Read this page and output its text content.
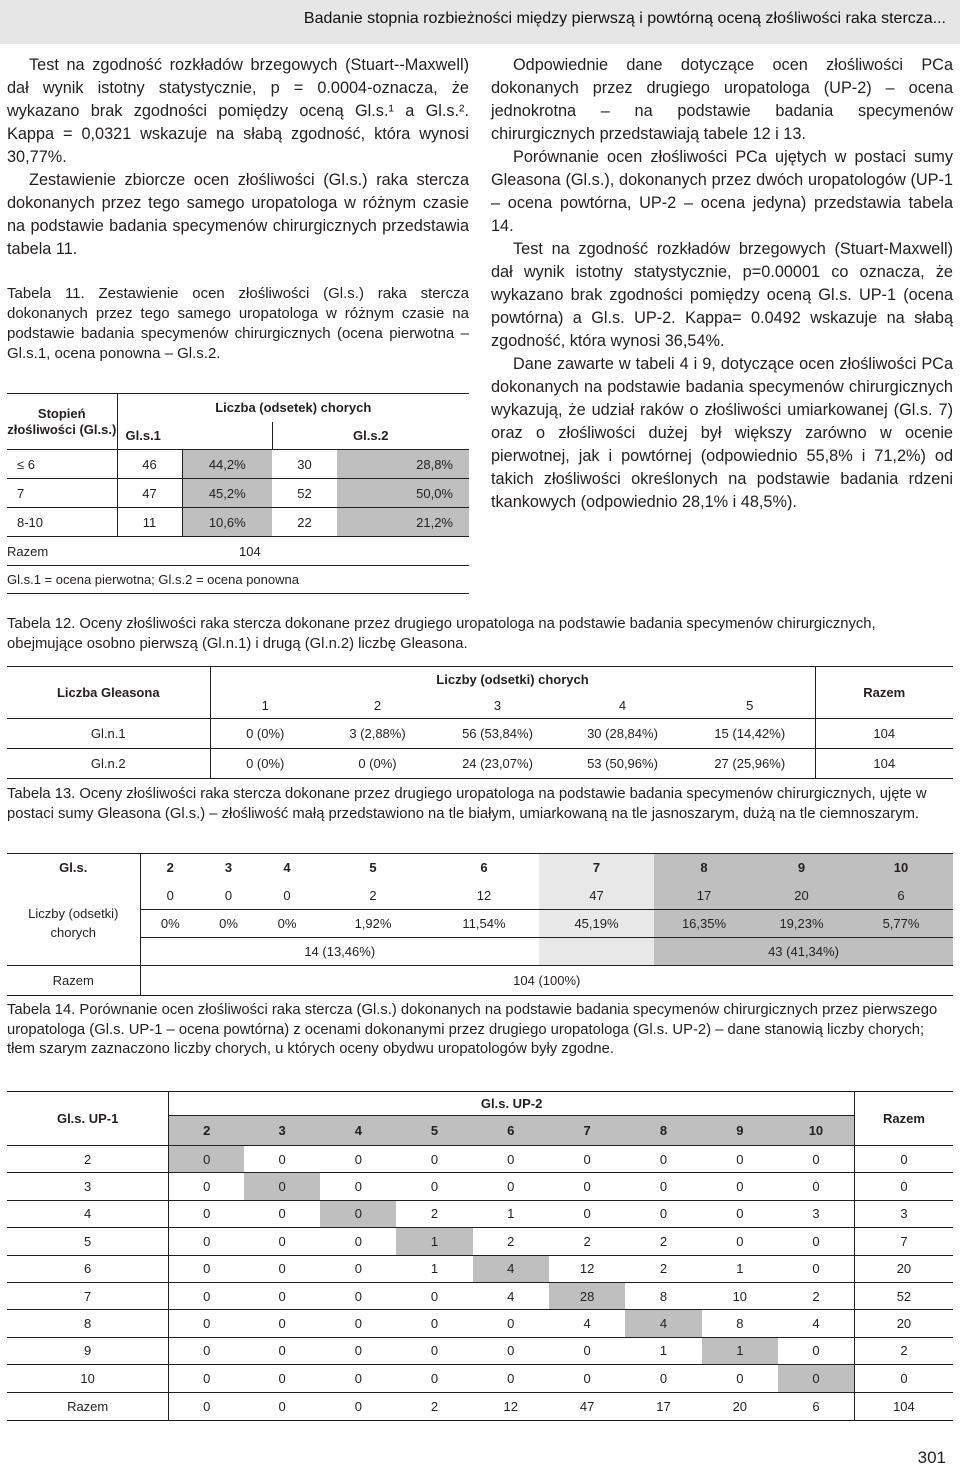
Badanie stopnia rozbieżności między pierwszą i powtórną oceną złośliwości raka stercza...

Test na zgodność rozkładów brzegowych (Stuart--Maxwell) dał wynik istotny statystycznie, p = 0.0004-oznacza, że wykazano brak zgodności pomiędzy oceną Gl.s.¹ a Gl.s.². Kappa = 0,0321 wskazuje na słabą zgodność, która wynosi 30,77%.

Zestawienie zbiorcze ocen złośliwości (Gl.s.) raka stercza dokonanych przez tego samego uropatologa w różnym czasie na podstawie badania specymenów chirurgicznych przedstawia tabela 11.

Tabela 11. Zestawienie ocen złośliwości (Gl.s.) raka stercza dokonanych przez tego samego uropatologa w różnym czasie na podstawie badania specymenów chirurgicznych (ocena pierwotna – Gl.s.1, ocena ponowna – Gl.s.2.
Stopień złośliwości (Gl.s.)	Liczba (odsetek) chorych			
	Gl.s.1		Gl.s.2	
≤ 6	46	44,2%	30	28,8%
7	47	45,2%	52	50,0%
8-10	11	10,6%	22	21,2%
Razem	104			
Gl.s.1 = ocena pierwotna; Gl.s.2 = ocena ponowna				

Odpowiednie dane dotyczące ocen złośliwości PCa dokonanych przez drugiego uropatologa (UP-2) – ocena jednokrotna – na podstawie badania specymenów chirurgicznych przedstawiają tabele 12 i 13.

Porównanie ocen złośliwości PCa ujętych w postaci sumy Gleasona (Gl.s.), dokonanych przez dwóch uropatologów (UP-1 – ocena powtórna, UP-2 – ocena jedyna) przedstawia tabela 14.

Test na zgodność rozkładów brzegowych (Stuart-Maxwell) dał wynik istotny statystycznie, p=0.00001 co oznacza, że wykazano brak zgodności pomiędzy oceną Gl.s. UP-1 (ocena powtórna) a Gl.s. UP-2. Kappa= 0.0492 wskazuje na słabą zgodność, która wynosi 36,54%.

Dane zawarte w tabeli 4 i 9, dotyczące ocen złośliwości PCa dokonanych na podstawie badania specymenów chirurgicznych wykazują, że udział raków o złośliwości umiarkowanej (Gl.s. 7) oraz o złośliwości dużej był większy zarówno w ocenie pierwotnej, jak i powtórnej (odpowiednio 55,8% i 71,2%) od takich złośliwości określonych na podstawie badania rdzeni tkankowych (odpowiednio 28,1% i 48,5%).

Tabela 12. Oceny złośliwości raka stercza dokonane przez drugiego uropatologa na podstawie badania specymenów chirurgicznych, obejmujące osobno pierwszą (Gl.n.1) i drugą (Gl.n.2) liczbę Gleasona.
Liczba Gleasona	Liczby (odsetki) chorych					Razem
	1	2	3	4	5	
Gl.n.1	0 (0%)	3 (2,88%)	56 (53,84%)	30 (28,84%)	15 (14,42%)	104
Gl.n.2	0 (0%)	0 (0%)	24 (23,07%)	53 (50,96%)	27 (25,96%)	104
Tabela 13. Oceny złośliwości raka stercza dokonane przez drugiego uropatologa na podstawie badania specymenów chirurgicznych, ujęte w postaci sumy Gleasona (Gl.s.) – złośliwość małą przedstawiono na tle białym, umiarkowaną na tle jasnoszarym, dużą na tle ciemnoszarym.
Gl.s.	2	3	4	5	6	7	8	9	10
Liczby (odsetki) chorych	0	0	0	2	12	47	17	20	6
	0%	0%	0%	1,92%	11,54%	45,19%	16,35%	19,23%	5,77%
	14 (13,46%)						43 (41,34%)		
Razem	104 (100%)								
Tabela 14. Porównanie ocen złośliwości raka stercza (Gl.s.) dokonanych na podstawie badania specymenów chirurgicznych przez pierwszego uropatologa (Gl.s. UP-1 – ocena powtórna) z ocenami dokonanymi przez drugiego uropatologa (Gl.s. UP-2) – dane stanowią liczby chorych; tłem szarym zaznaczono liczby chorych, u których oceny obydwu uropatologów były zgodne.
Gl.s. UP-1	Gl.s. UP-2									Razem
	2	3	4	5	6	7	8	9	10	
2	0	0	0	0	0	0	0	0	0	0
3	0	0	0	0	0	0	0	0	0	0
4	0	0	0	2	1	0	0	0	3	3
5	0	0	0	1	2	2	2	0	0	7
6	0	0	0	1	4	12	2	1	0	20
7	0	0	0	0	4	28	8	10	2	52
8	0	0	0	0	0	4	4	8	4	20
9	0	0	0	0	0	0	1	1	0	2
10	0	0	0	0	0	0	0	0	0	0
Razem	0	0	0	2	12	47	17	20	6	104
301
